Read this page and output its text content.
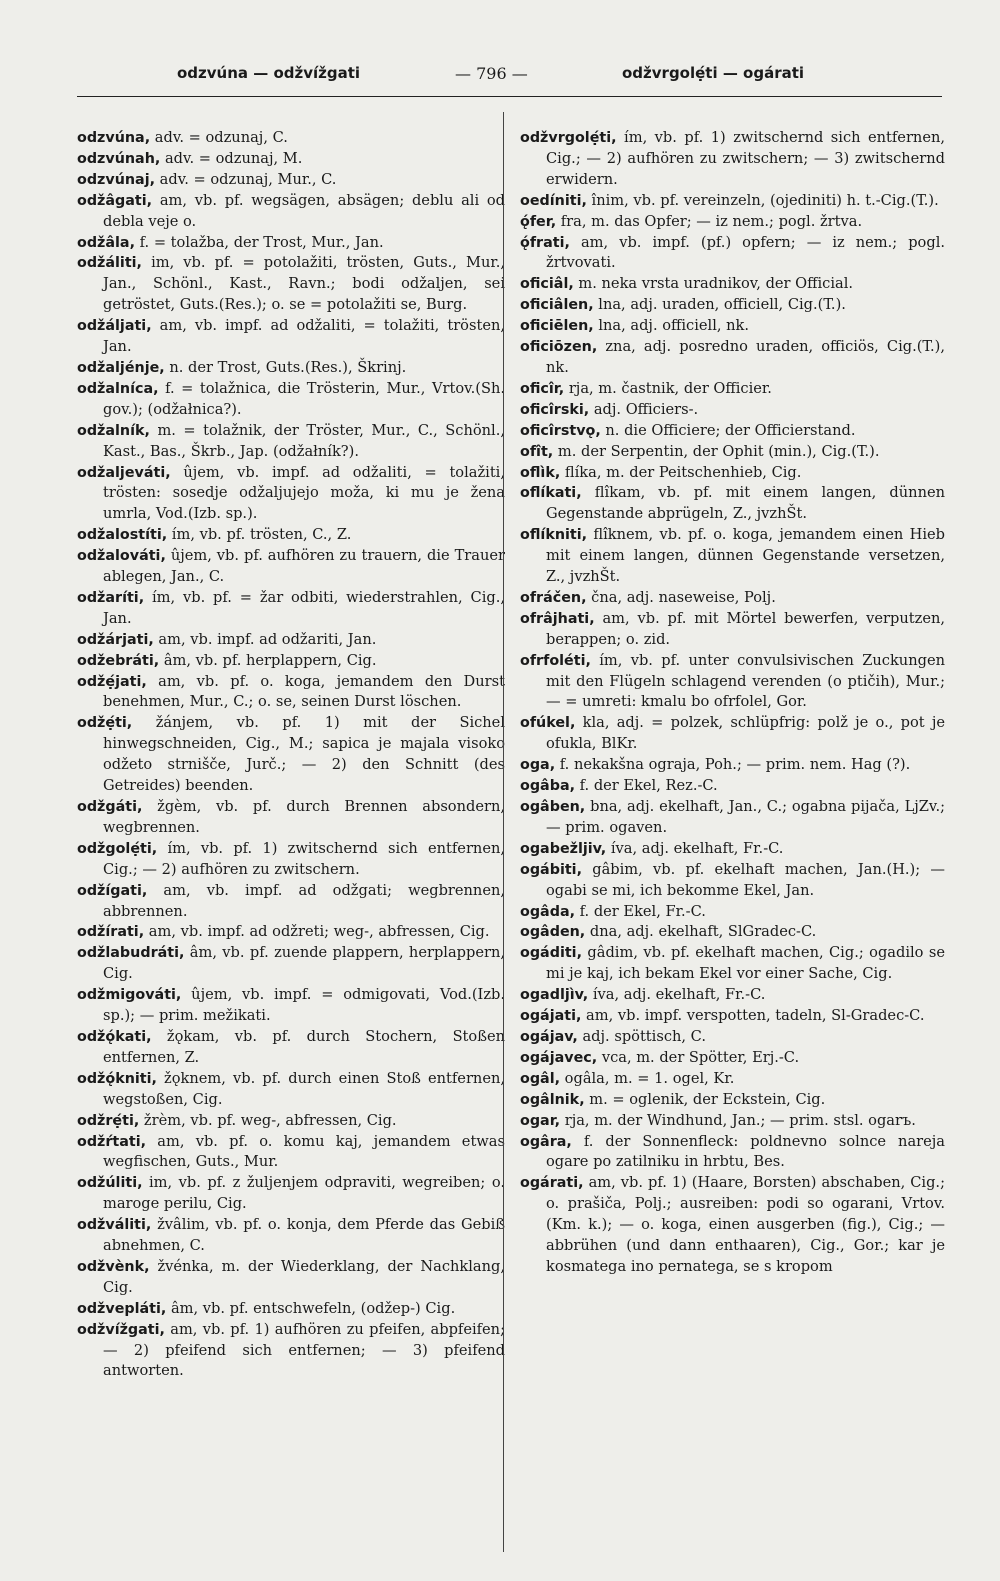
odzvúna — odžvížgati	— 796 —	odžvrgolẹ́ti — ogárati

odzvúna, adv. = odzunaj, C.

odzvúnah, adv. = odzunaj, M.

odzvúnaj, adv. = odzunaj, Mur., C.

odžâgati, am, vb. pf. wegsägen, absägen; deblu ali od debla veje o.

odžâla, f. = tolažba, der Trost, Mur., Jan.

odžáliti, im, vb. pf. = potolažiti, trösten, Guts., Mur., Jan., Schönl., Kast., Ravn.; bodi odžaljen, sei getröstet, Guts.(Res.); o. se = potolažiti se, Burg.

odžáljati, am, vb. impf. ad odžaliti, = tolažiti, trösten, Jan.

odžaljénje, n. der Trost, Guts.(Res.), Škrinj.

odžalníca, f. = tolažnica, die Trösterin, Mur., Vrtov.(Sh. gov.); (odžałnica?).

odžalník, m. = tolažnik, der Tröster, Mur., C., Schönl., Kast., Bas., Škrb., Jap. (odžałník?).

odžaljeváti, ûjem, vb. impf. ad odžaliti, = tolažiti, trösten: sosedje odžaljujejo moža, ki mu je žena umrla, Vod.(Izb. sp.).

odžalostíti, ím, vb. pf. trösten, C., Z.

odžalováti, ûjem, vb. pf. aufhören zu trauern, die Trauer ablegen, Jan., C.

odžaríti, ím, vb. pf. = žar odbiti, wiederstrahlen, Cig., Jan.

odžárjati, am, vb. impf. ad odžariti, Jan.

odžebráti, âm, vb. pf. herplappern, Cig.

odžẹ́jati, am, vb. pf. o. koga, jemandem den Durst benehmen, Mur., C.; o. se, seinen Durst löschen.

odžẹ́ti, žánjem, vb. pf. 1) mit der Sichel hinwegschneiden, Cig., M.; sapica je majala visoko odžeto strnišče, Jurč.; — 2) den Schnitt (des Getreides) beenden.

odžgáti, žgèm, vb. pf. durch Brennen absondern, wegbrennen.

odžgolẹ́ti, ím, vb. pf. 1) zwitschernd sich entfernen, Cig.; — 2) aufhören zu zwitschern.

odžígati, am, vb. impf. ad odžgati; wegbrennen, abbrennen.

odžírati, am, vb. impf. ad odžreti; weg-, abfressen, Cig.

odžlabudráti, âm, vb. pf. zuende plappern, herplappern, Cig.

odžmigováti, ûjem, vb. impf. = odmigovati, Vod.(Izb. sp.); — prim. mežikati.

odžǫ́kati, žǫkam, vb. pf. durch Stochern, Stoßen entfernen, Z.

odžǫ́kniti, žǫknem, vb. pf. durch einen Stoß entfernen, wegstoßen, Cig.

odžrẹ́ti, žrèm, vb. pf. weg-, abfressen, Cig.

odžŕtati, am, vb. pf. o. komu kaj, jemandem etwas wegfischen, Guts., Mur.

odžúliti, im, vb. pf. z žuljenjem odpraviti, wegreiben; o. maroge perilu, Cig.

odžváliti, žvâlim, vb. pf. o. konja, dem Pferde das Gebiß abnehmen, C.

odžvènk, žvénka, m. der Wiederklang, der Nachklang, Cig.

odžvepláti, âm, vb. pf. entschwefeln, (odžep-) Cig.

odžvížgati, am, vb. pf. 1) aufhören zu pfeifen, abpfeifen; — 2) pfeifend sich entfernen; — 3) pfeifend antworten.

odžvrgolẹ́ti, ím, vb. pf. 1) zwitschernd sich entfernen, Cig.; — 2) aufhören zu zwitschern; — 3) zwitschernd erwidern.

oedíniti, înim, vb. pf. vereinzeln, (ojediniti) h. t.-Cig.(T.).

ǫ́fer, fra, m. das Opfer; — iz nem.; pogl. žrtva.

ǫ́frati, am, vb. impf. (pf.) opfern; — iz nem.; pogl. žrtvovati.

oficiâl, m. neka vrsta uradnikov, der Official.

oficiâlen, lna, adj. uraden, officiell, Cig.(T.).

oficiēlen, lna, adj. officiell, nk.

oficiōzen, zna, adj. posredno uraden, officiös, Cig.(T.), nk.

oficîr, rja, m. častnik, der Officier.

oficîrski, adj. Officiers-.

oficîrstvǫ, n. die Officiere; der Officierstand.

ofît, m. der Serpentin, der Ophit (min.), Cig.(T.).

oflìk, flíka, m. der Peitschenhieb, Cig.

oflíkati, flîkam, vb. pf. mit einem langen, dünnen Gegenstande abprügeln, Z., jvzhŠt.

oflíkniti, flîknem, vb. pf. o. koga, jemandem einen Hieb mit einem langen, dünnen Gegenstande versetzen, Z., jvzhŠt.

ofráčen, čna, adj. naseweise, Polj.

ofrâjhati, am, vb. pf. mit Mörtel bewerfen, verputzen, berappen; o. zid.

ofrfoléti, ím, vb. pf. unter convulsivischen Zuckungen mit den Flügeln schlagend verenden (o ptičih), Mur.; — = umreti: kmalu bo ofrfolel, Gor.

ofúkel, kla, adj. = polzek, schlüpfrig: polž je o., pot je ofukla, BlKr.

oga, f. nekakšna ograja, Poh.; — prim. nem. Hag (?).

ogâba, f. der Ekel, Rez.-C.

ogâben, bna, adj. ekelhaft, Jan., C.; ogabna pijača, LjZv.; — prim. ogaven.

ogabežljiv, íva, adj. ekelhaft, Fr.-C.

ogábiti, gâbim, vb. pf. ekelhaft machen, Jan.(H.); — ogabi se mi, ich bekomme Ekel, Jan.

ogâda, f. der Ekel, Fr.-C.

ogâden, dna, adj. ekelhaft, SlGradec-C.

ogáditi, gâdim, vb. pf. ekelhaft machen, Cig.; ogadilo se mi je kaj, ich bekam Ekel vor einer Sache, Cig.

ogadljìv, íva, adj. ekelhaft, Fr.-C.

ogájati, am, vb. impf. verspotten, tadeln, Sl-Gradec-C.

ogájav, adj. spöttisch, C.

ogájavec, vca, m. der Spötter, Erj.-C.

ogâl, ogâla, m. = 1. ogel, Kr.

ogâlnik, m. = oglenik, der Eckstein, Cig.

ogar, rja, m. der Windhund, Jan.; — prim. stsl. ogarъ.

ogâra, f. der Sonnenfleck: poldnevno solnce nareja ogare po zatilniku in hrbtu, Bes.

ogárati, am, vb. pf. 1) (Haare, Borsten) abschaben, Cig.; o. prašiča, Polj.; ausreiben: podi so ogarani, Vrtov.(Km. k.); — o. koga, einen ausgerben (fig.), Cig.; — abbrühen (und dann enthaaren), Cig., Gor.; kar je kosmatega ino pernatega, se s kropom
